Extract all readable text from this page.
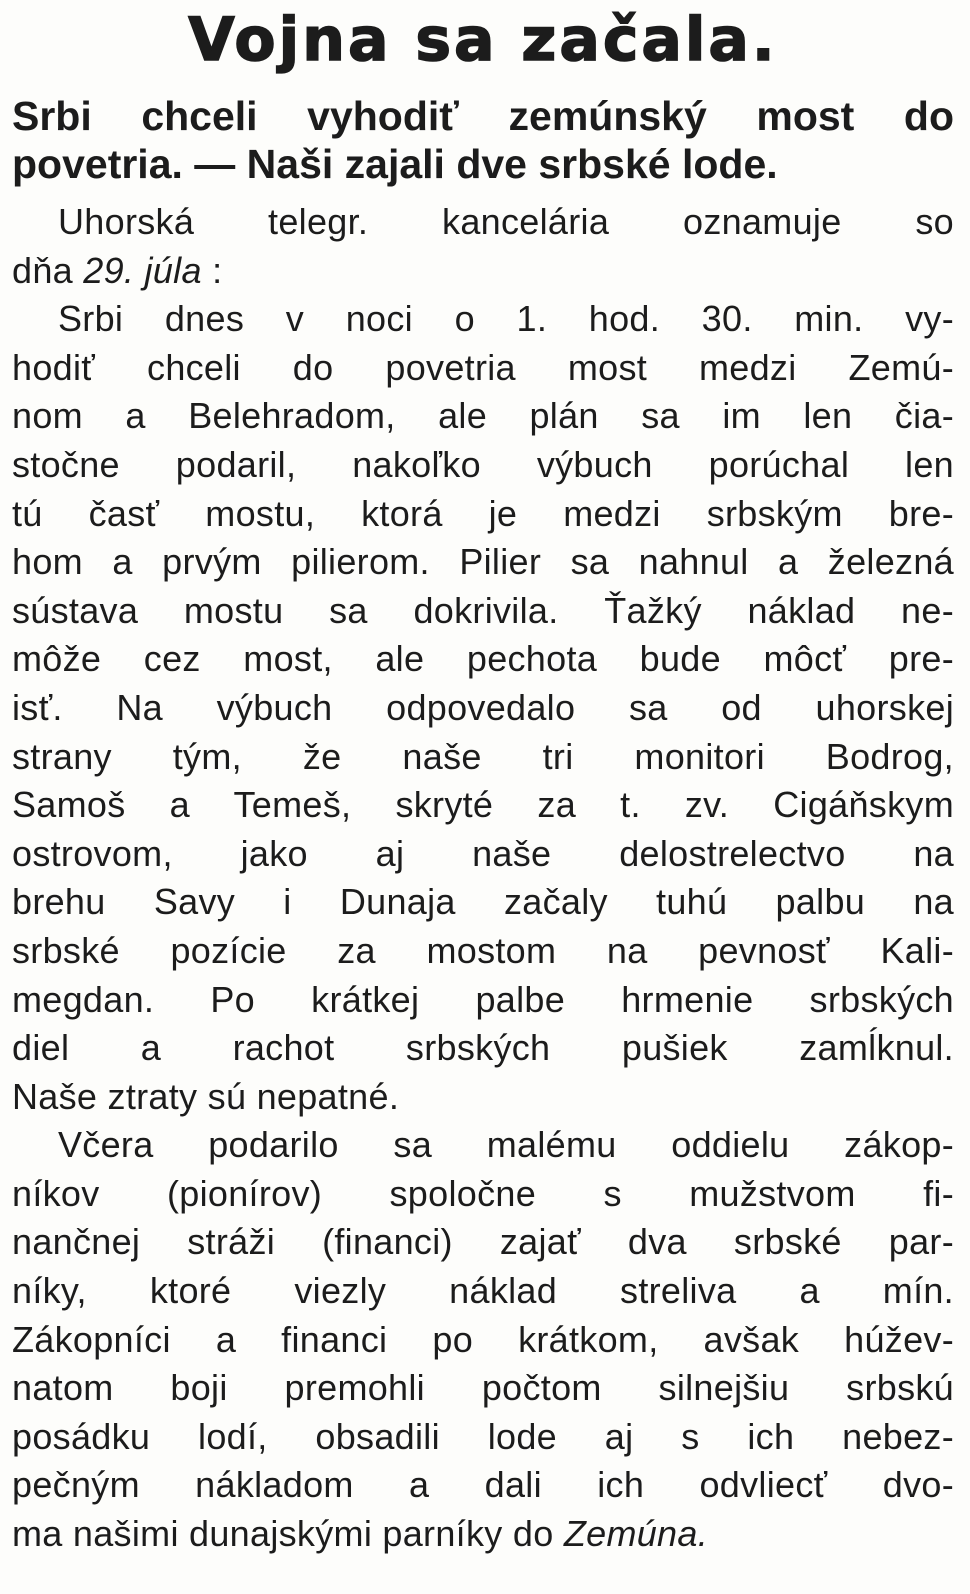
Vojna sa začala.
Srbi chceli vyhodiť zemúnský most do
povetria. — Naši zajali dve srbské lode.
Uhorská telegr. kancelária oznamuje so
dňa 29. júla :
Srbi dnes v noci o 1. hod. 30. min. vy-
hodiť chceli do povetria most medzi Zemú-
nom a Belehradom, ale plán sa im len čia-
stočne podaril, nakoľko výbuch porúchal len
tú časť mostu, ktorá je medzi srbským bre-
hom a prvým pilierom. Pilier sa nahnul a železná
sústava mostu sa dokrivila. Ťažký náklad ne-
môže cez most, ale pechota bude môcť pre-
isť. Na výbuch odpovedalo sa od uhorskej
strany tým, že naše tri monitori Bodrog,
Samoš a Temeš, skryté za t. zv. Cigáňskym
ostrovom, jako aj naše delostrelectvo na
brehu Savy i Dunaja začaly tuhú palbu na
srbské pozície za mostom na pevnosť Kali-
megdan. Po krátkej palbe hrmenie srbských
diel a rachot srbských pušiek zamĺknul.
Naše ztraty sú nepatné.
Včera podarilo sa malému oddielu zákop-
níkov (pionírov) spoločne s mužstvom fi-
nančnej stráži (financi) zajať dva srbské par-
níky, ktoré viezly náklad streliva a mín.
Zákopníci a financi po krátkom, avšak húžev-
natom boji premohli počtom silnejšiu srbskú
posádku lodí, obsadili lode aj s ich nebez-
pečným nákladom a dali ich odvliecť dvo-
ma našimi dunajskými parníky do Zemúna.
